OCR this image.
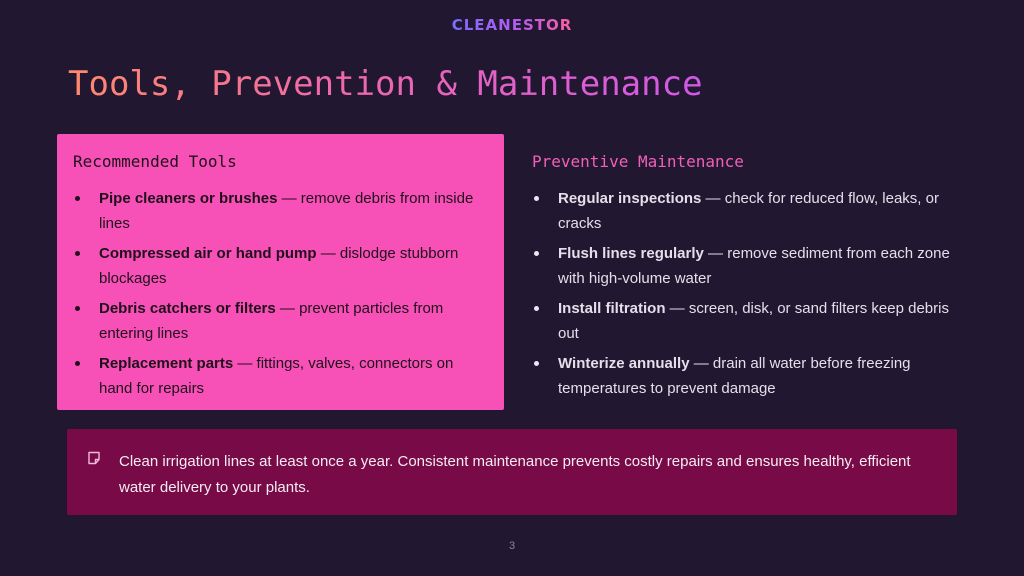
CLEANESTOR
Tools, Prevention & Maintenance
Recommended Tools
Pipe cleaners or brushes — remove debris from inside lines
Compressed air or hand pump — dislodge stubborn blockages
Debris catchers or filters — prevent particles from entering lines
Replacement parts — fittings, valves, connectors on hand for repairs
Preventive Maintenance
Regular inspections — check for reduced flow, leaks, or cracks
Flush lines regularly — remove sediment from each zone with high-volume water
Install filtration — screen, disk, or sand filters keep debris out
Winterize annually — drain all water before freezing temperatures to prevent damage
Clean irrigation lines at least once a year. Consistent maintenance prevents costly repairs and ensures healthy, efficient water delivery to your plants.
3
